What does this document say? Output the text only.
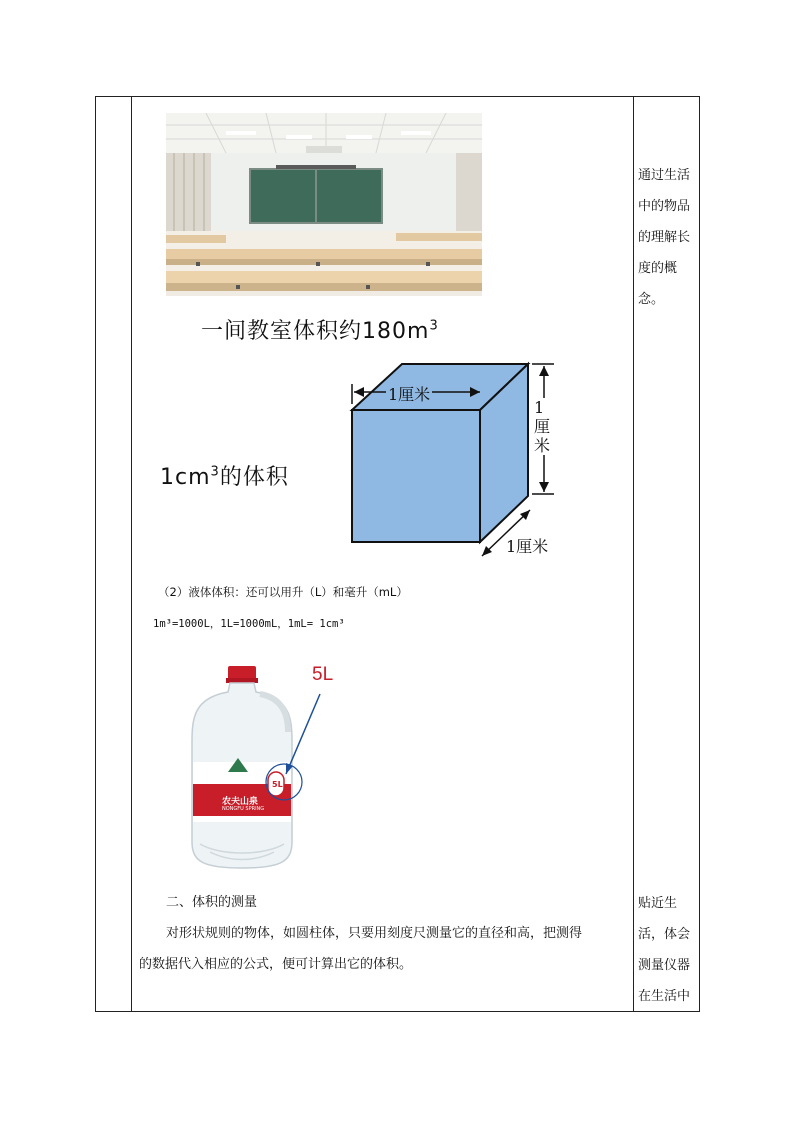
一间教室体积约$180m^3$
$1cm^3$的体积
1厘米
1厘米
1厘米
（2）液体体积：还可以用升（L）和毫升（mL）
1m³=1000L，1L=1000mL，1mL= 1cm³
农夫山泉
NONGFU SPRING
5L
5L
二、体积的测量
对形状规则的物体，如圆柱体，只要用刻度尺测量它的直径和高，把测得
的数据代入相应的公式，便可计算出它的体积。
通过生活
中的物品
的理解长
度的概
念。
贴近生
活，体会
测量仪器
在生活中
